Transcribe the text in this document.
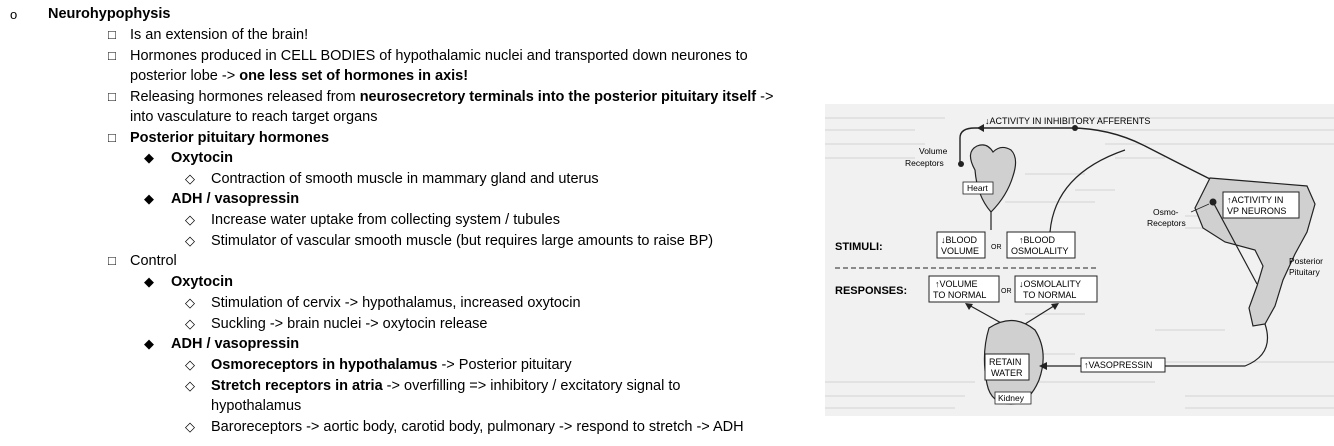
o Neurohypophysis
□ Is an extension of the brain!
□ Hormones produced in CELL BODIES of hypothalamic nuclei and transported down neurones to
posterior lobe -> one less set of hormones in axis!
□ Releasing hormones released from neurosecretory terminals into the posterior pituitary itself ->
into vasculature to reach target organs
□ Posterior pituitary hormones
◆ Oxytocin
◇ Contraction of smooth muscle in mammary gland and uterus
◆ ADH / vasopressin
◇ Increase water uptake from collecting system / tubules
◇ Stimulator of vascular smooth muscle (but requires large amounts to raise BP)
□ Control
◆ Oxytocin
◇ Stimulation of cervix -> hypothalamus, increased oxytocin
◇ Suckling -> brain nuclei -> oxytocin release
◆ ADH / vasopressin
◇ Osmoreceptors in hypothalamus -> Posterior pituitary
◇ Stretch receptors in atria -> overfilling => inhibitory / excitatory signal to
hypothalamus
◇ Baroreceptors -> aortic body, carotid body, pulmonary -> respond to stretch -> ADH
↓ACTIVITY IN INHIBITORY AFFERENTS
↑ACTIVITY IN
VP NEURONS
Osmo-
Receptors
Posterior
Pituitary
Volume
Receptors
Heart
STIMULI:
↓BLOOD
VOLUME OR
↑BLOOD
OSMOLALITY
RESPONSES:
↑VOLUME
TO NORMAL OR
↓OSMOLALITY
TO NORMAL
RETAIN
WATER
Kidney
↑VASOPRESSIN
